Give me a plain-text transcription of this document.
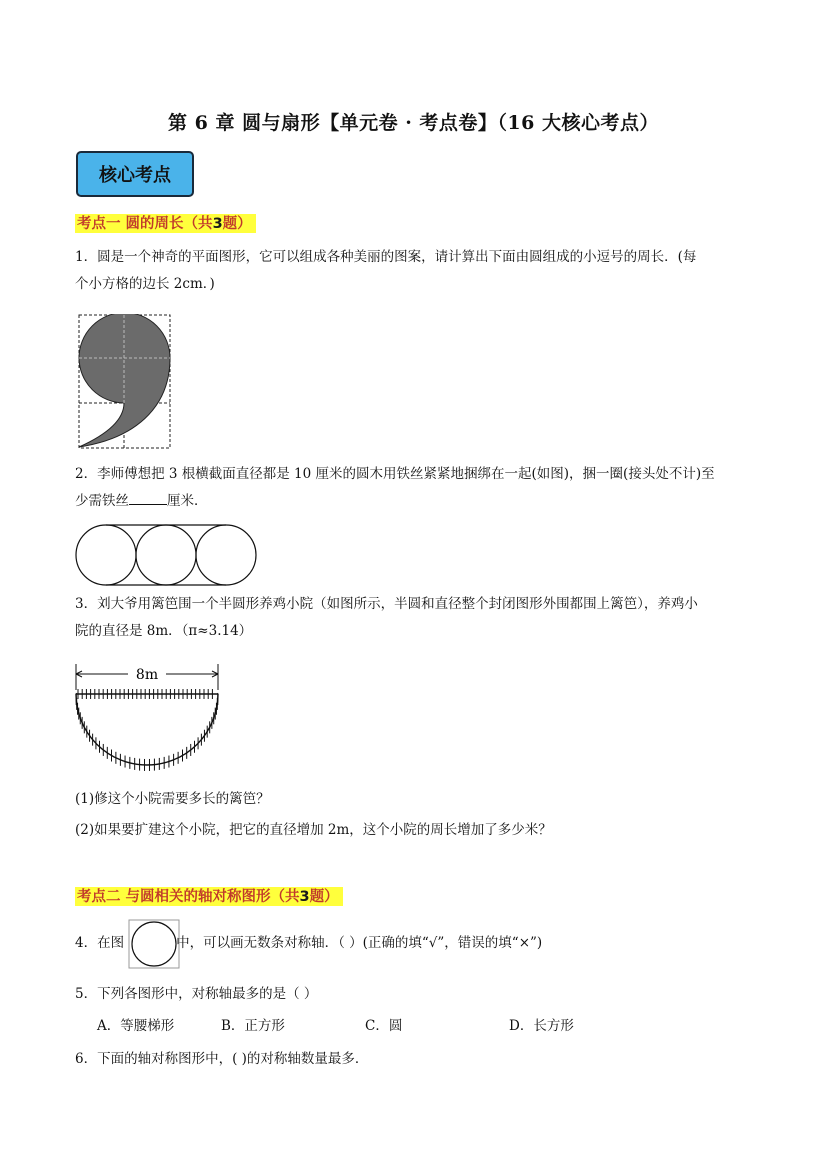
第 6 章 圆与扇形【单元卷 · 考点卷】（16 大核心考点）
核心考点
考点一 圆的周长（共3题）
1．圆是一个神奇的平面图形，它可以组成各种美丽的图案，请计算出下面由圆组成的小逗号的周长．(每
个小方格的边长 2cm．)
2．李师傅想把 3 根横截面直径都是 10 厘米的圆木用铁丝紧紧地捆绑在一起(如图)，捆一圈(接头处不计)至
少需铁丝	厘米．
3．刘大爷用篱笆围一个半圆形养鸡小院（如图所示，半圆和直径整个封闭图形外围都围上篱笆），养鸡小
院的直径是 8m．（π≈3.14）
8m
(1)修这个小院需要多长的篱笆？
(2)如果要扩建这个小院，把它的直径增加 2m，这个小院的周长增加了多少米？
考点二 与圆相关的轴对称图形（共3题）
4．在图	中，可以画无数条对称轴．（ ）(正确的填“√”，错误的填“×”)
5．下列各图形中，对称轴最多的是（ ）
A．等腰梯形	B．正方形	C．圆	D．长方形
6．下面的轴对称图形中，( )的对称轴数量最多．
